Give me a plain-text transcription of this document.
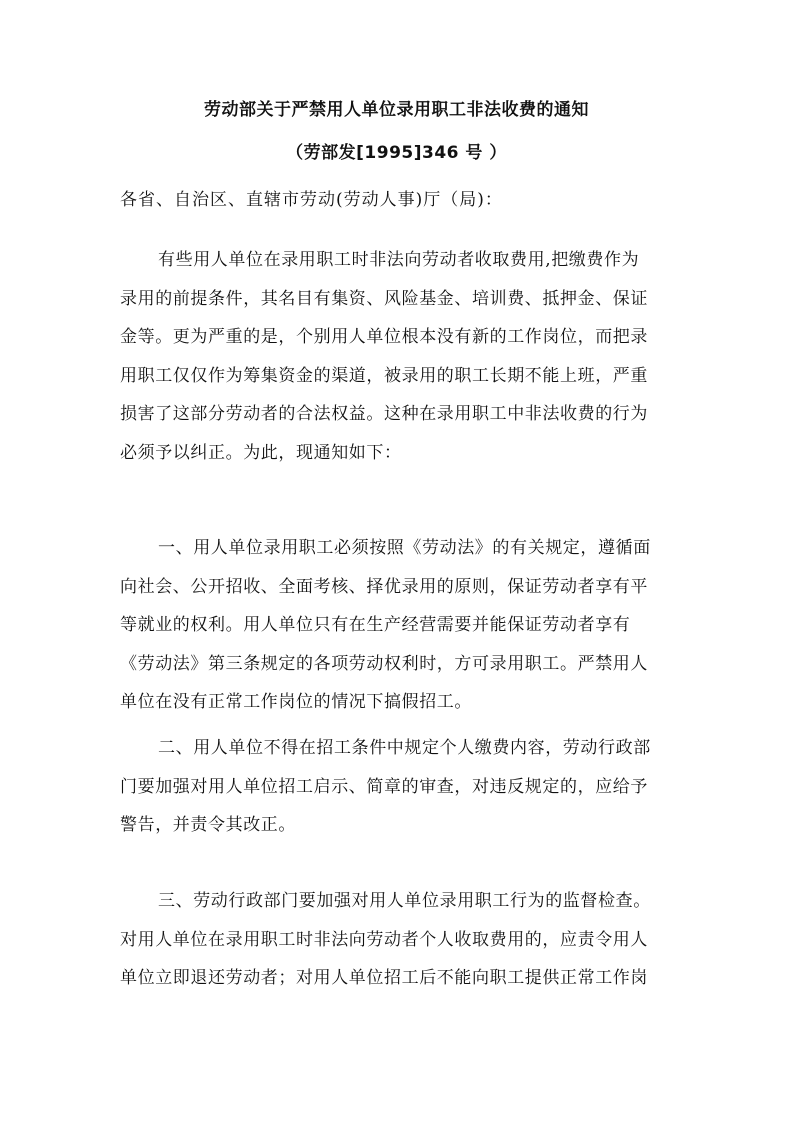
劳动部关于严禁用人单位录用职工非法收费的通知
（劳部发[1995]346 号 ）
各省、自治区、直辖市劳动(劳动人事)厅（局)：

有些用人单位在录用职工时非法向劳动者收取费用,把缴费作为
录用的前提条件，其名目有集资、风险基金、培训费、抵押金、保证
金等。更为严重的是，个别用人单位根本没有新的工作岗位，而把录
用职工仅仅作为筹集资金的渠道，被录用的职工长期不能上班，严重
损害了这部分劳动者的合法权益。这种在录用职工中非法收费的行为
必须予以纠正。为此，现通知如下：

一、用人单位录用职工必须按照《劳动法》的有关规定，遵循面
向社会、公开招收、全面考核、择优录用的原则，保证劳动者享有平
等就业的权利。用人单位只有在生产经营需要并能保证劳动者享有
《劳动法》第三条规定的各项劳动权利时，方可录用职工。严禁用人
单位在没有正常工作岗位的情况下搞假招工。

二、用人单位不得在招工条件中规定个人缴费内容，劳动行政部
门要加强对用人单位招工启示、简章的审查，对违反规定的，应给予
警告，并责令其改正。

三、劳动行政部门要加强对用人单位录用职工行为的监督检查。
对用人单位在录用职工时非法向劳动者个人收取费用的，应责令用人
单位立即退还劳动者；对用人单位招工后不能向职工提供正常工作岗
